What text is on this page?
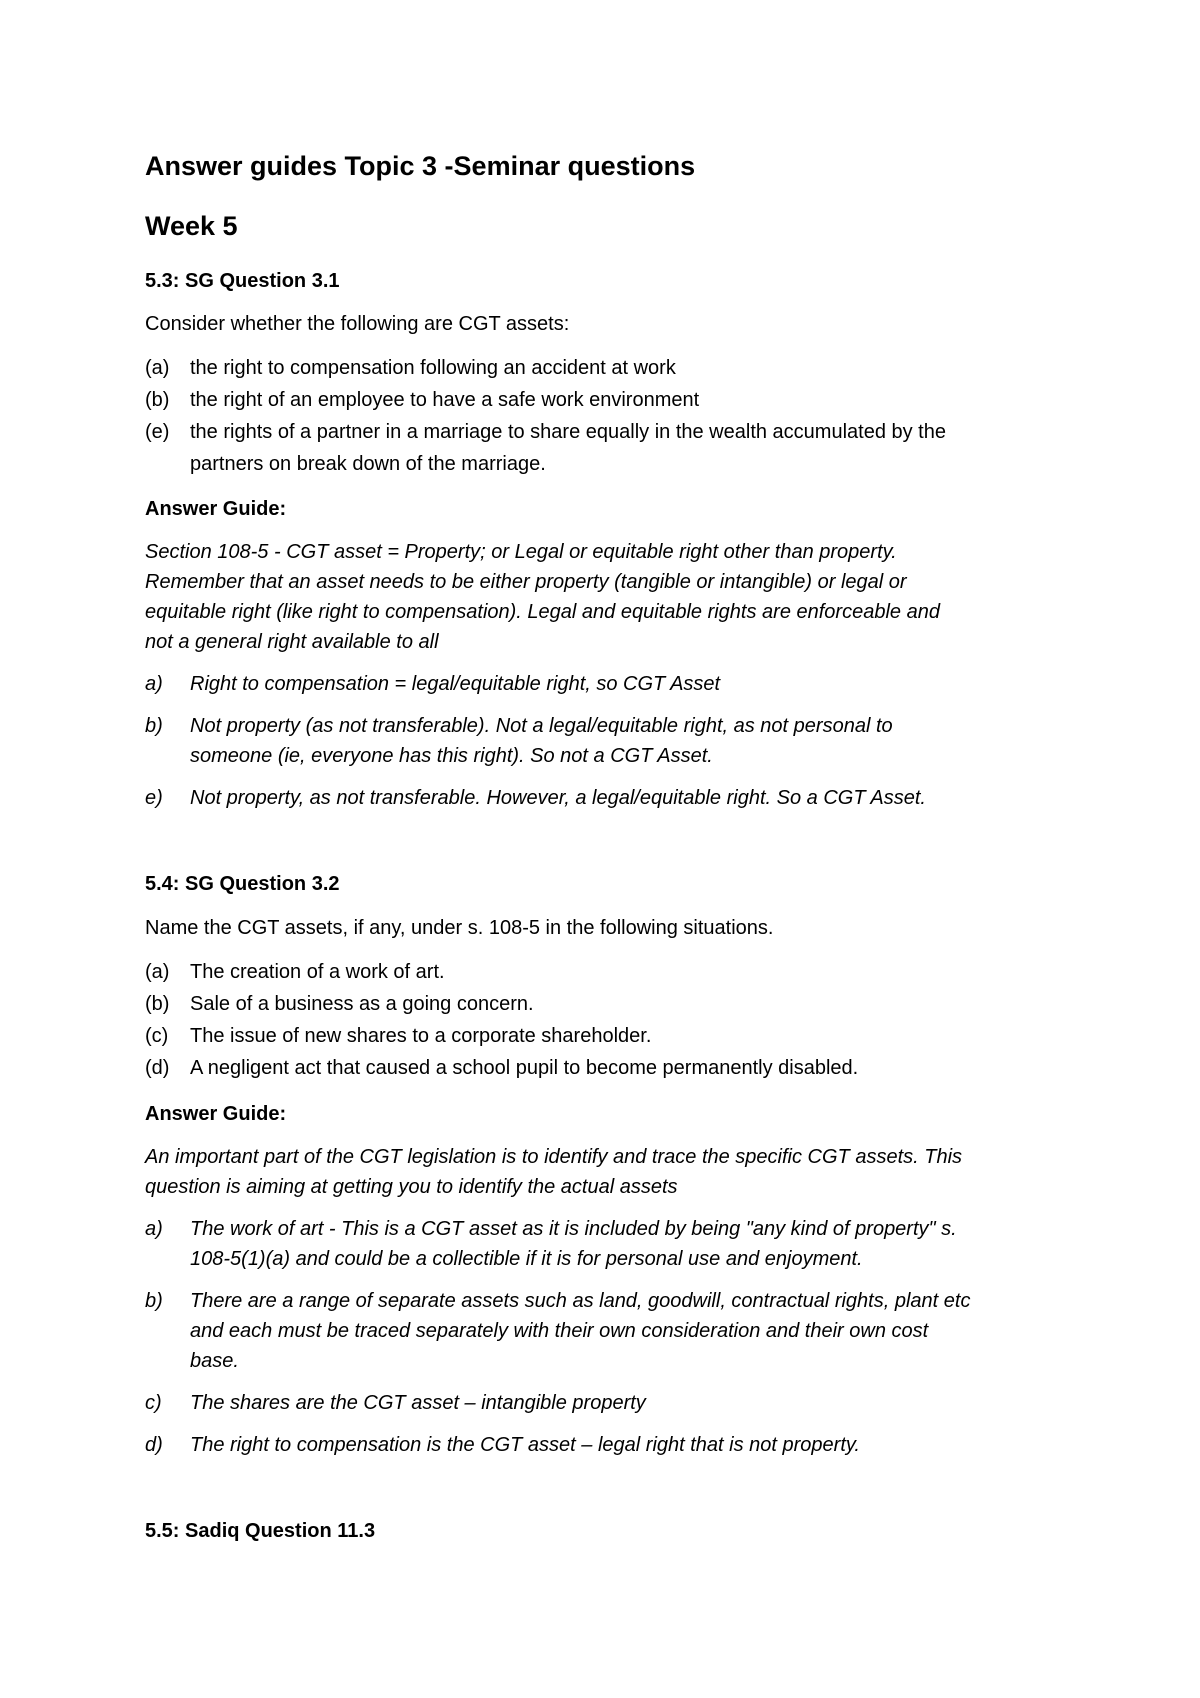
Answer guides Topic 3 -Seminar questions
Week 5
5.3: SG Question 3.1
Consider whether the following are CGT assets:
(a) the right to compensation following an accident at work
(b) the right of an employee to have a safe work environment
(e) the rights of a partner in a marriage to share equally in the wealth accumulated by the
partners on break down of the marriage.
Answer Guide:
Section 108-5 - CGT asset = Property; or Legal or equitable right other than property.
Remember that an asset needs to be either property (tangible or intangible) or legal or
equitable right (like right to compensation). Legal and equitable rights are enforceable and
not a general right available to all
a) Right to compensation = legal/equitable right, so CGT Asset
b) Not property (as not transferable). Not a legal/equitable right, as not personal to
someone (ie, everyone has this right). So not a CGT Asset.
e) Not property, as not transferable. However, a legal/equitable right. So a CGT Asset.
5.4: SG Question 3.2
Name the CGT assets, if any, under s. 108-5 in the following situations.
(a) The creation of a work of art.
(b) Sale of a business as a going concern.
(c) The issue of new shares to a corporate shareholder.
(d) A negligent act that caused a school pupil to become permanently disabled.
Answer Guide:
An important part of the CGT legislation is to identify and trace the specific CGT assets. This
question is aiming at getting you to identify the actual assets
a) The work of art - This is a CGT asset as it is included by being "any kind of property" s.
108-5(1)(a) and could be a collectible if it is for personal use and enjoyment.
b) There are a range of separate assets such as land, goodwill, contractual rights, plant etc
and each must be traced separately with their own consideration and their own cost
base.
c) The shares are the CGT asset – intangible property
d) The right to compensation is the CGT asset – legal right that is not property.
5.5: Sadiq Question 11.3
